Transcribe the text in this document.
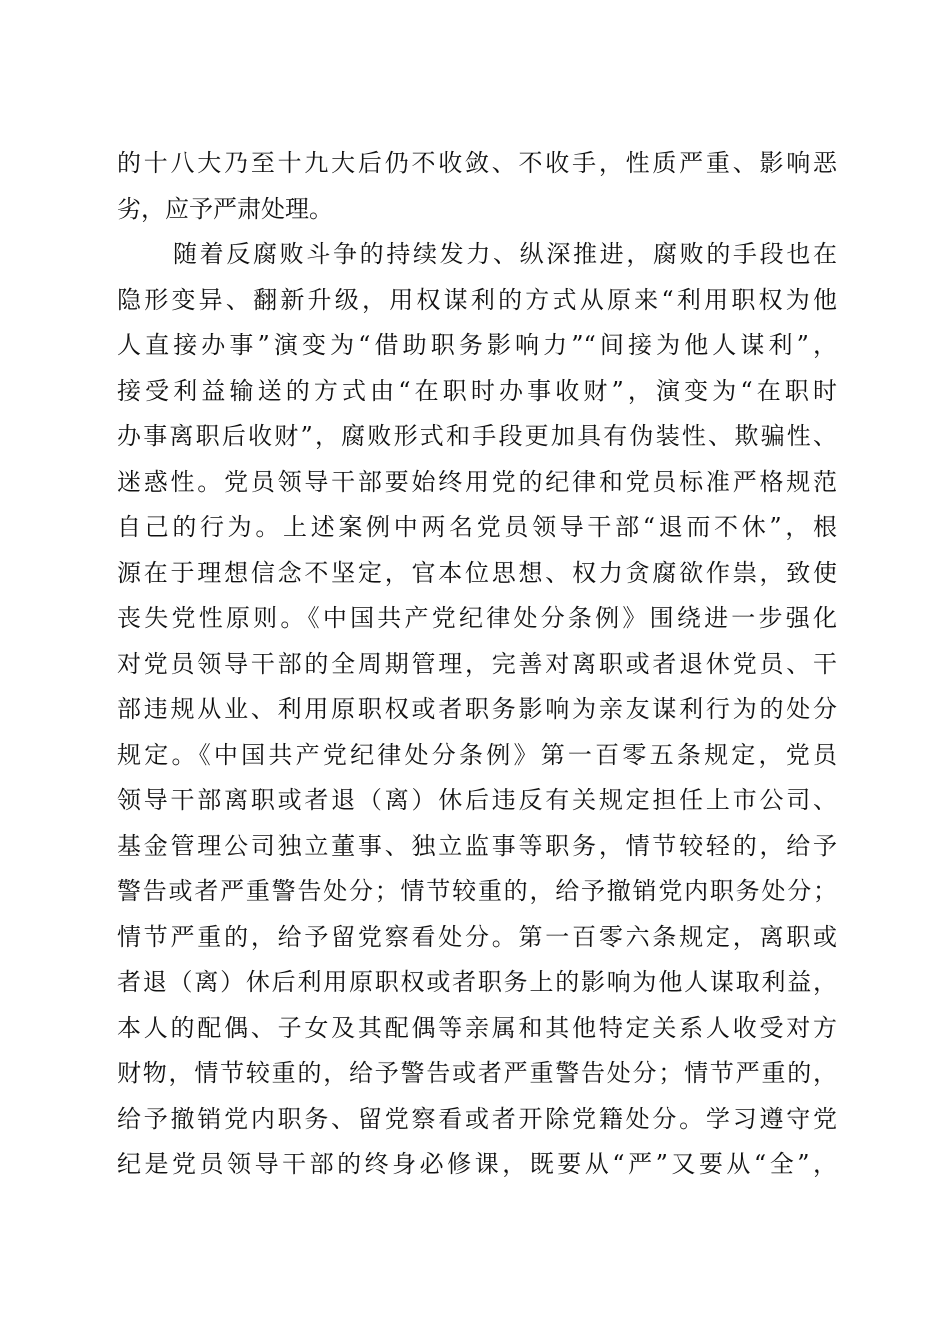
的十八大乃至十九大后仍不收敛、不收手，性质严重、影响恶
劣，应予严肃处理。
随着反腐败斗争的持续发力、纵深推进，腐败的手段也在
隐形变异、翻新升级，用权谋利的方式从原来“利用职权为他
人直接办事”演变为“借助职务影响力”“间接为他人谋利”，
接受利益输送的方式由“在职时办事收财”，演变为“在职时
办事离职后收财”，腐败形式和手段更加具有伪装性、欺骗性、
迷惑性。党员领导干部要始终用党的纪律和党员标准严格规范
自己的行为。上述案例中两名党员领导干部“退而不休”，根
源在于理想信念不坚定，官本位思想、权力贪腐欲作祟，致使
丧失党性原则。《中国共产党纪律处分条例》围绕进一步强化
对党员领导干部的全周期管理，完善对离职或者退休党员、干
部违规从业、利用原职权或者职务影响为亲友谋利行为的处分
规定。《中国共产党纪律处分条例》第一百零五条规定，党员
领导干部离职或者退（离）休后违反有关规定担任上市公司、
基金管理公司独立董事、独立监事等职务，情节较轻的，给予
警告或者严重警告处分；情节较重的，给予撤销党内职务处分；
情节严重的，给予留党察看处分。第一百零六条规定，离职或
者退（离）休后利用原职权或者职务上的影响为他人谋取利益，
本人的配偶、子女及其配偶等亲属和其他特定关系人收受对方
财物，情节较重的，给予警告或者严重警告处分；情节严重的，
给予撤销党内职务、留党察看或者开除党籍处分。学习遵守党
纪是党员领导干部的终身必修课，既要从“严”又要从“全”，
